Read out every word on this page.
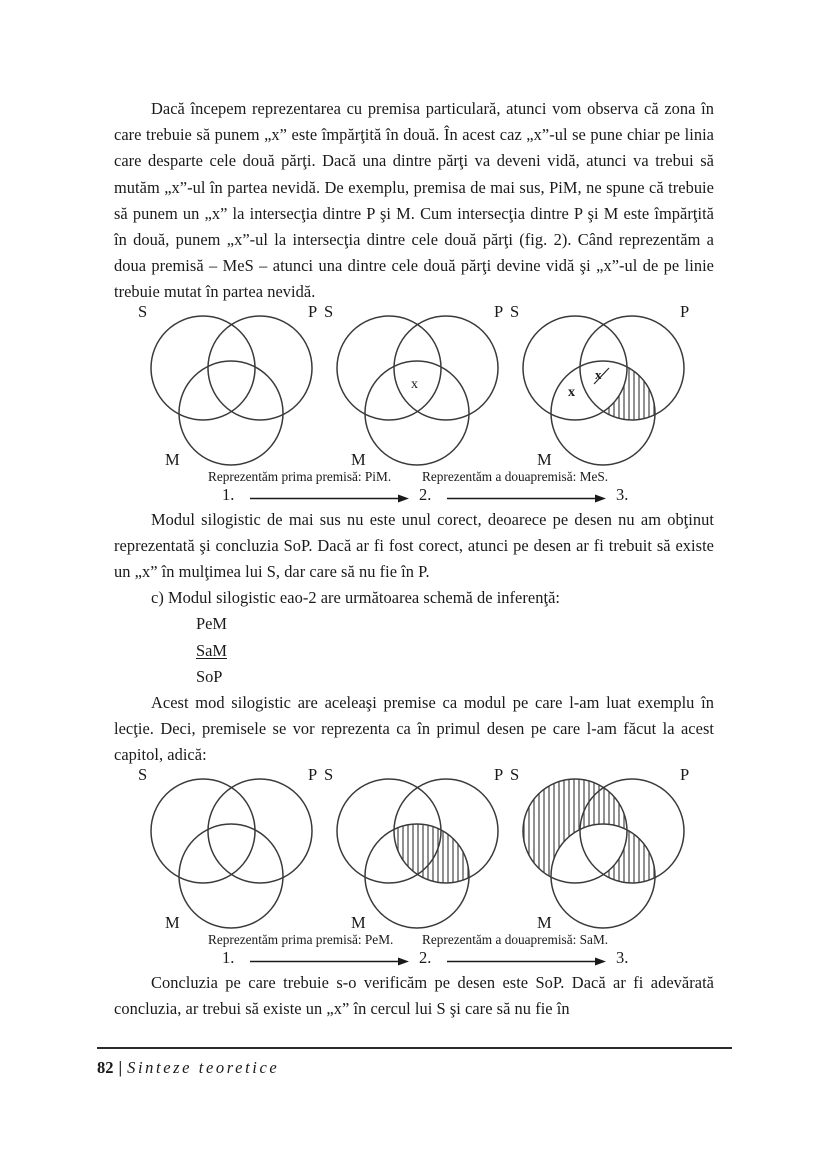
Dacă începem reprezentarea cu premisa particulară, atunci vom observa că zona în care trebuie să punem „x” este împărţită în două. În acest caz „x”-ul se pune chiar pe linia care desparte cele două părţi. Dacă una dintre părţi va deveni vidă, atunci va trebui să mutăm „x”-ul în partea nevidă. De exemplu, premisa de mai sus, PiM, ne spune că trebuie să punem un „x” la intersecţia dintre P şi M. Cum intersecţia dintre P şi M este împărţită în două, punem „x”-ul la intersecţia dintre cele două părţi (fig. 2). Când reprezentăm a doua premisă – MeS – atunci una dintre cele două părţi devine vidă şi „x”-ul de pe linie trebuie mutat în partea nevidă.

S	P
M
S	P
M
x
S	P
M
x
x
Reprezentăm prima premisă: PiM. Reprezentăm a douapremisă: MeS.
1.	2.	3.

Modul silogistic de mai sus nu este unul corect, deoarece pe desen nu am obţinut reprezentată şi concluzia SoP. Dacă ar fi fost corect, atunci pe desen ar fi trebuit să existe un „x” în mulţimea lui S, dar care să nu fie în P.

c) Modul silogistic eao-2 are următoarea schemă de inferenţă:

PeM
SaM
SoP

Acest mod silogistic are aceleaşi premise ca modul pe care l-am luat exemplu în lecţie. Deci, premisele se vor reprezenta ca în primul desen pe care l-am făcut la acest capitol, adică:

S	P
M
S	P
M
S	P
M
Reprezentăm prima premisă: PeM. Reprezentăm a douapremisă: SaM.
1.	2.	3.

Concluzia pe care trebuie s-o verificăm pe desen este SoP. Dacă ar fi adevărată concluzia, ar trebui să existe un „x” în cercul lui S şi care să nu fie în

82 | Sinteze teoretice
